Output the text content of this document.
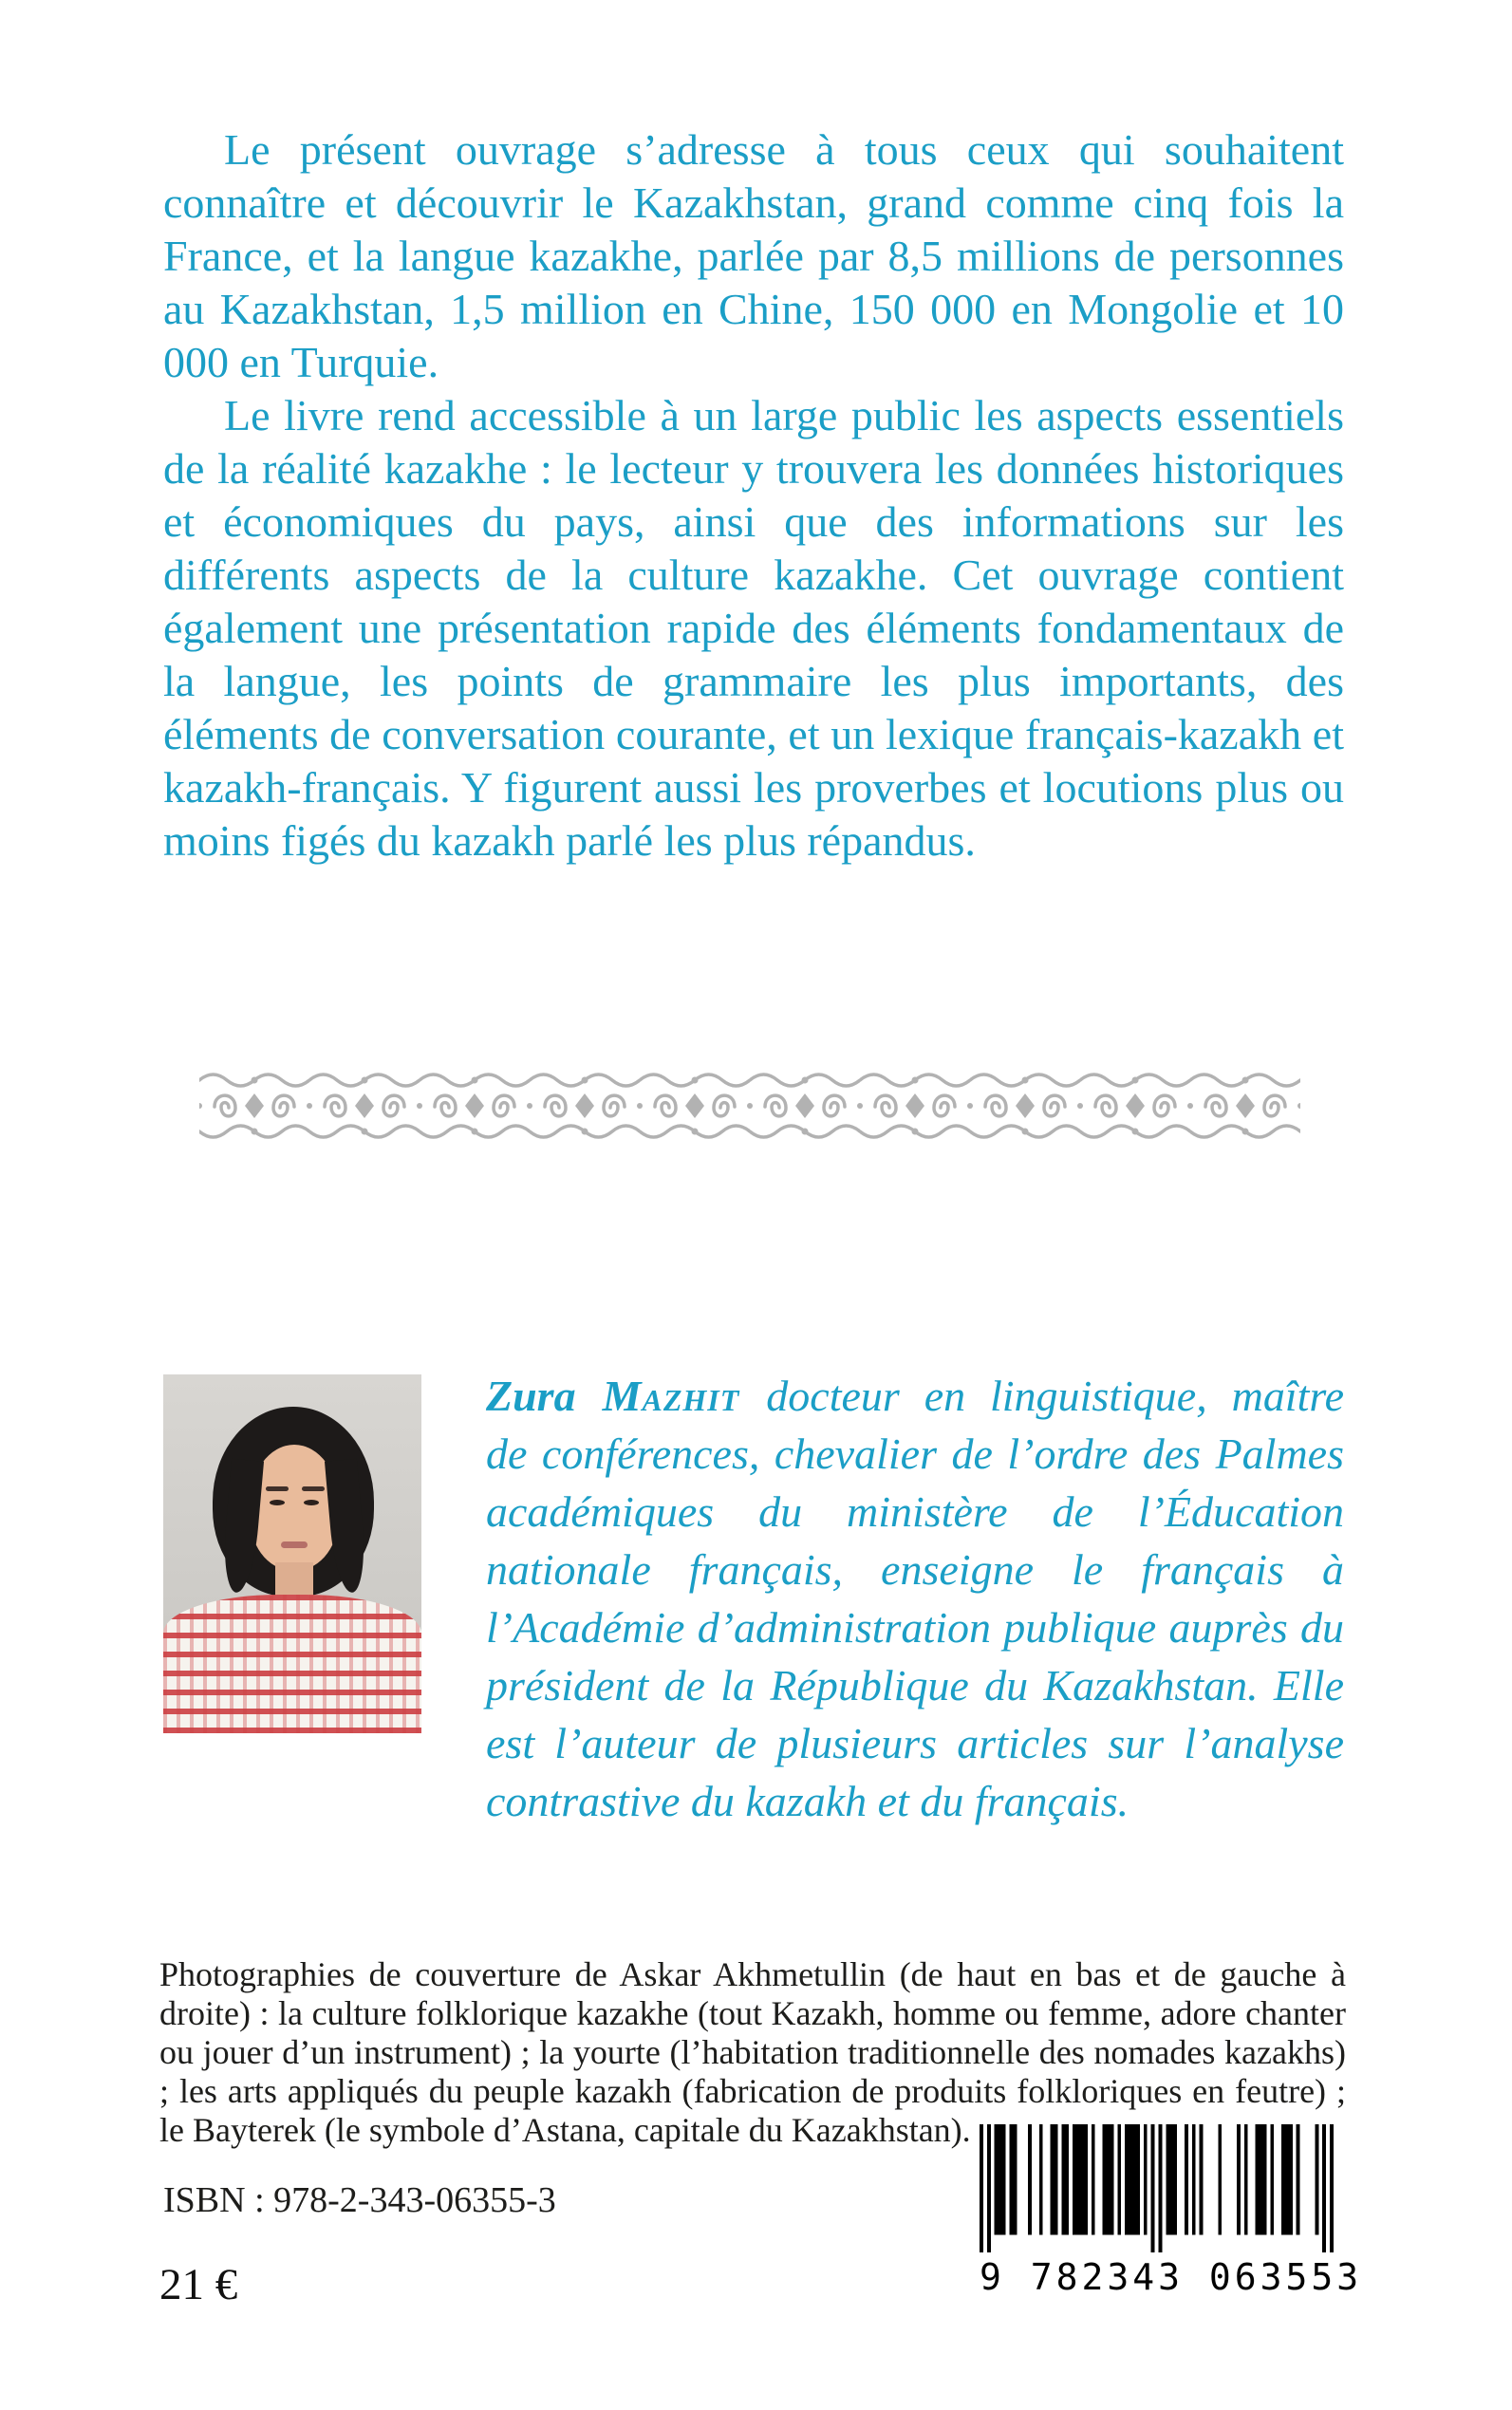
Le présent ouvrage s’adresse à tous ceux qui souhaitent connaître et découvrir le Kazakhstan, grand comme cinq fois la France, et la langue kazakhe, parlée par 8,5 millions de personnes au Kazakhstan, 1,5 million en Chine, 150 000 en Mongolie et 10 000 en Turquie.

Le livre rend accessible à un large public les aspects essentiels de la réalité kazakhe : le lecteur y trouvera les données historiques et économiques du pays, ainsi que des informations sur les différents aspects de la culture kazakhe. Cet ouvrage contient également une présentation rapide des éléments fondamentaux de la langue, les points de grammaire les plus importants, des éléments de conversation courante, et un lexique français-kazakh et kazakh-français. Y figurent aussi les proverbes et locutions plus ou moins figés du kazakh parlé les plus répandus.

Zura Mazhit docteur en linguistique, maître de conférences, chevalier de l’ordre des Palmes académiques du ministère de l’Éducation nationale français, enseigne le français à l’Académie d’administration publique auprès du président de la République du Kazakhstan. Elle est l’auteur de plusieurs articles sur l’analyse contrastive du kazakh et du français.

Photographies de couverture de Askar Akhmetullin (de haut en bas et de gauche à droite) : la culture folklorique kazakhe (tout Kazakh, homme ou femme, adore chanter ou jouer d’un instrument) ; la yourte (l’habitation traditionnelle des nomades kazakhs) ; les arts appliqués du peuple kazakh (fabrication de produits folkloriques en feutre) ; le Bayterek (le symbole d’Astana, capitale du Kazakhstan).

ISBN : 978-2-343-06355-3

21 €	9 782343 063553
